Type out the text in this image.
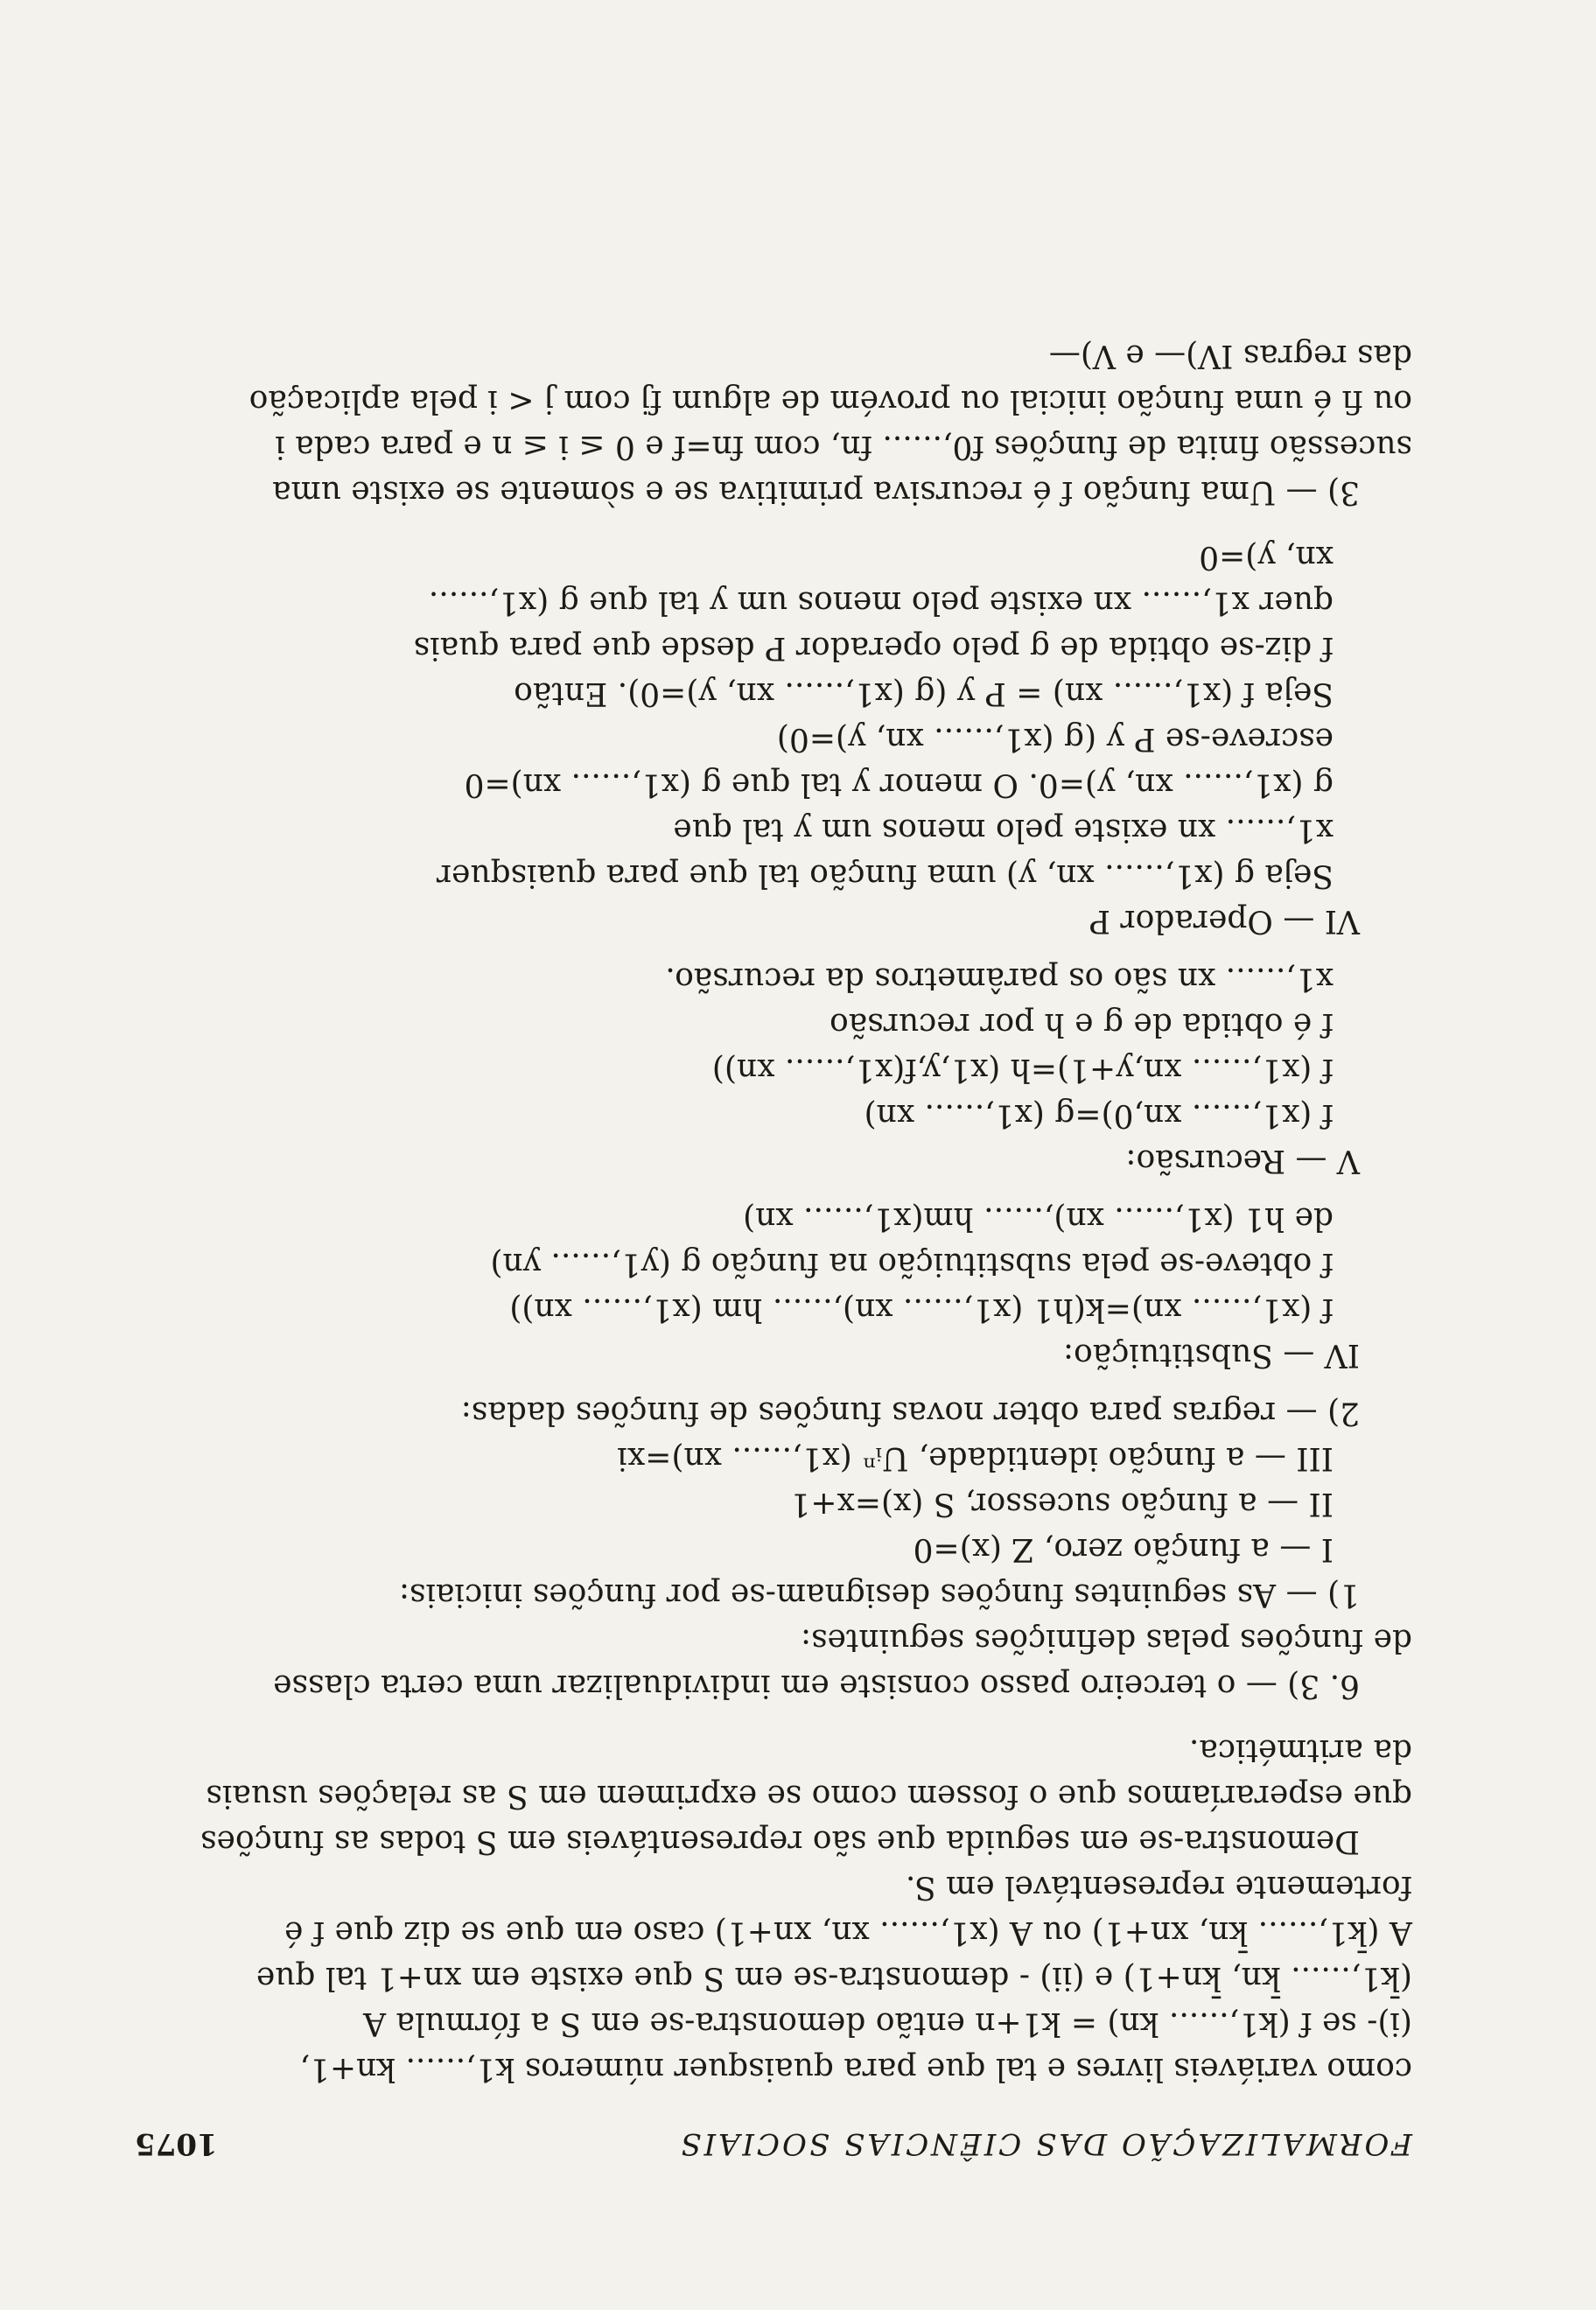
FORMALIZAÇÃO DAS CIÊNCIAS SOCIAIS
1075

como variáveis livres e tal que para quaisquer números k1,...... kn+1,

(i)- se f (k1,...... kn) = k1+n então demonstra-se em S a fórmula A

(k̄1,...... k̄n, k̄n+1) e (ii) - demonstra-se em S que existe em xn+1 tal que

A (k̄1,...... k̄n, xn+1) ou A (x1,...... xn, xn+1) caso em que se diz que f é

fortemente representável em S.

Demonstra-se em seguida que são representáveis em S todas as funções

que esperaríamos que o fossem como se exprimem em S as relações usuais

da aritmética.

6. 3) — o terceiro passo consiste em individualizar uma certa classe

de funções pelas definições seguintes:

1) — As seguintes funções designam-se por funções iniciais:

I — a função zero, Z (x)=0

II — a função sucessor, S (x)=x+1

III — a função identidade, Uᵢⁿ (x1,...... xn)=xi

2) — regras para obter novas funções de funções dadas:

IV — Substituição:

f (x1,...... xn)=k(h1 (x1,...... xn),...... hm (x1,...... xn))

f obteve-se pela substituição na função g (y1,...... yn)

de h1 (x1,...... xn),...... hm(x1,...... xn)

V — Recursão:

f (x1,...... xn,0)=g (x1,...... xn)

f (x1,...... xn,y+1)=h (x1,y,f(x1,...... xn))

f é obtida de g e h por recursão

x1,...... xn são os parâmetros da recursão.

VI — Operador P

Seja g (x1,...... xn, y) uma função tal que para quaisquer

x1,...... xn existe pelo menos um y tal que

g (x1,...... xn, y)=0. O menor y tal que g (x1,...... xn)=0

escreve-se P y (g (x1,...... xn, y)=0)

Seja f (x1,...... xn) = P y (g (x1,...... xn, y)=0). Então

f diz-se obtida de g pelo operador P desde que para quais

quer x1,...... xn existe pelo menos um y tal que g (x1,......

xn, y)=0

3) — Uma função f é recursiva primitiva se e sòmente se existe uma

sucessão finita de funções f0,...... fn, com fn=f e 0 ≤ i ≤ n e para cada i

ou fi é uma função inicial ou provém de algum fj com j < i pela aplicação

das regras IV)— e V)—
